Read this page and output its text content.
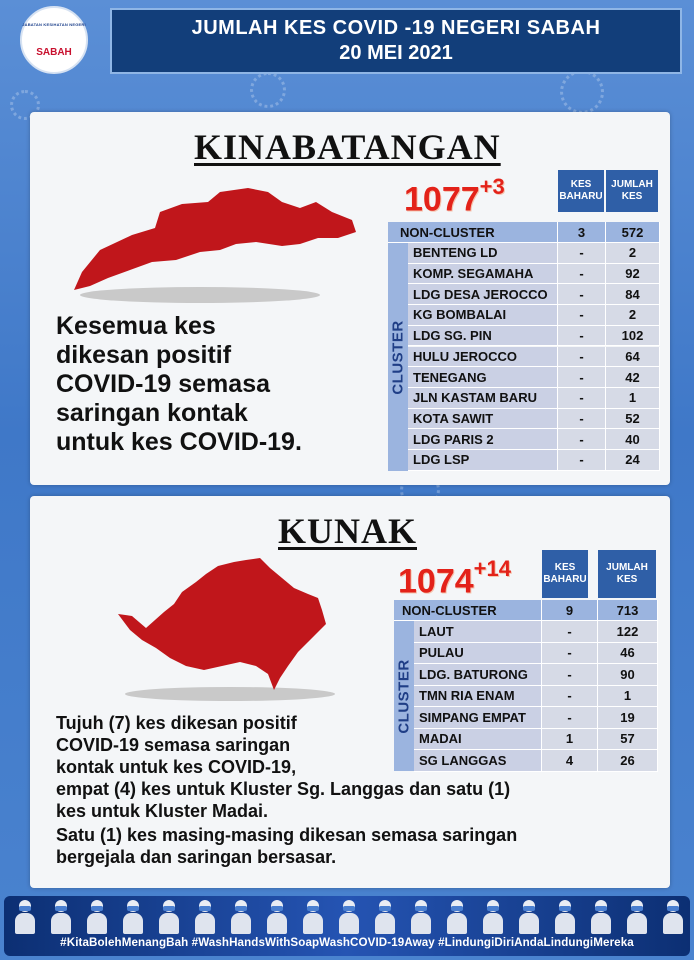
JABATAN KESIHATAN NEGERI
SABAH
JUMLAH KES COVID -19 NEGERI SABAH
20 MEI 2021
KINABATANGAN
Kesemua kes
dikesan positif
COVID-19 semasa
saringan kontak
untuk kes COVID-19.
$1077^{+3}$	KES BAHARU
JUMLAH KES
NON-CLUSTER	3	572
CLUSTER
BENTENG LD	-	2
KOMP. SEGAMAHA	-	92
LDG DESA JEROCCO	-	84
KG BOMBALAI	-	2
LDG SG. PIN	-	102
HULU JEROCCO	-	64
TENEGANG	-	42
JLN KASTAM BARU	-	1
KOTA SAWIT	-	52
LDG PARIS 2	-	40
LDG LSP	-	24
KUNAK
Tujuh (7) kes dikesan positif
COVID-19 semasa saringan
kontak untuk kes COVID-19,
empat (4) kes untuk Kluster Sg. Langgas dan satu (1)
kes untuk Kluster Madai.
Satu (1) kes masing-masing dikesan semasa saringan
bergejala dan saringan bersasar.
$1074^{+14}$	KES BAHARU
JUMLAH KES
NON-CLUSTER	9	713
CLUSTER
LAUT	-	122
PULAU	-	46
LDG. BATURONG	-	90
TMN RIA ENAM	-	1
SIMPANG EMPAT	-	19
MADAI	1	57
SG LANGGAS	4	26
#KitaBolehMenangBah #WashHandsWithSoapWashCOVID-19Away #LindungiDiriAndaLindungiMereka
